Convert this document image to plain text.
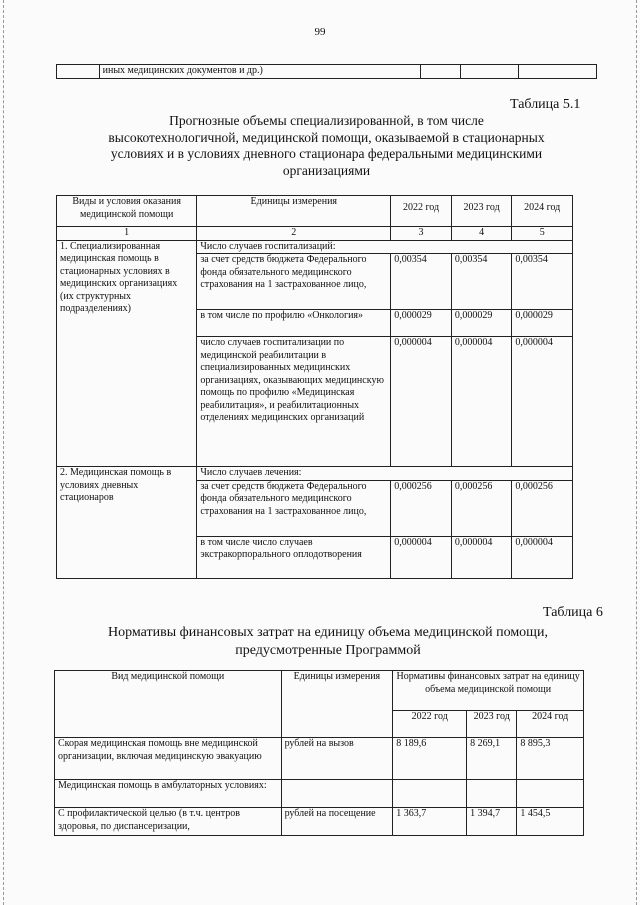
99
	иных медицинских документов и др.)			
Таблица 5.1
Прогнозные объемы специализированной, в том числе высокотехнологичной, медицинской помощи, оказываемой в стационарных условиях и в условиях дневного стационара федеральными медицинскими организациями
Виды и условия оказания медицинской помощи	Единицы измерения	2022 год	2023 год	2024 год
1	2	3	4	5
1. Специализированная медицинская помощь в стационарных условиях в медицинских организациях (их структурных подразделениях)	Число случаев госпитализаций:			
	за счет средств бюджета Федерального фонда обязательного медицинского страхования на 1 застрахованное лицо,	0,00354	0,00354	0,00354
	в том числе по профилю «Онкология»	0,000029	0,000029	0,000029
	число случаев госпитализации по медицинской реабилитации в специализированных медицинских организациях, оказывающих медицинскую помощь по профилю «Медицинская реабилитация», и реабилитационных отделениях медицинских организаций	0,000004	0,000004	0,000004
2. Медицинская помощь в условиях дневных стационаров	Число случаев лечения:			
	за счет средств бюджета Федерального фонда обязательного медицинского страхования на 1 застрахованное лицо,	0,000256	0,000256	0,000256
	в том числе число случаев экстракорпорального оплодотворения	0,000004	0,000004	0,000004
Таблица 6
Нормативы финансовых затрат на единицу объема медицинской помощи, предусмотренные Программой
Вид медицинской помощи	Единицы измерения	Нормативы финансовых затрат на единицу объема медицинской помощи		
		2022 год	2023 год	2024 год
Скорая медицинская помощь вне медицинской организации, включая медицинскую эвакуацию	рублей на вызов	8 189,6	8 269,1	8 895,3
Медицинская помощь в амбулаторных условиях:				
С профилактической целью (в т.ч. центров здоровья, по диспансеризации,	рублей на посещение	1 363,7	1 394,7	1 454,5
